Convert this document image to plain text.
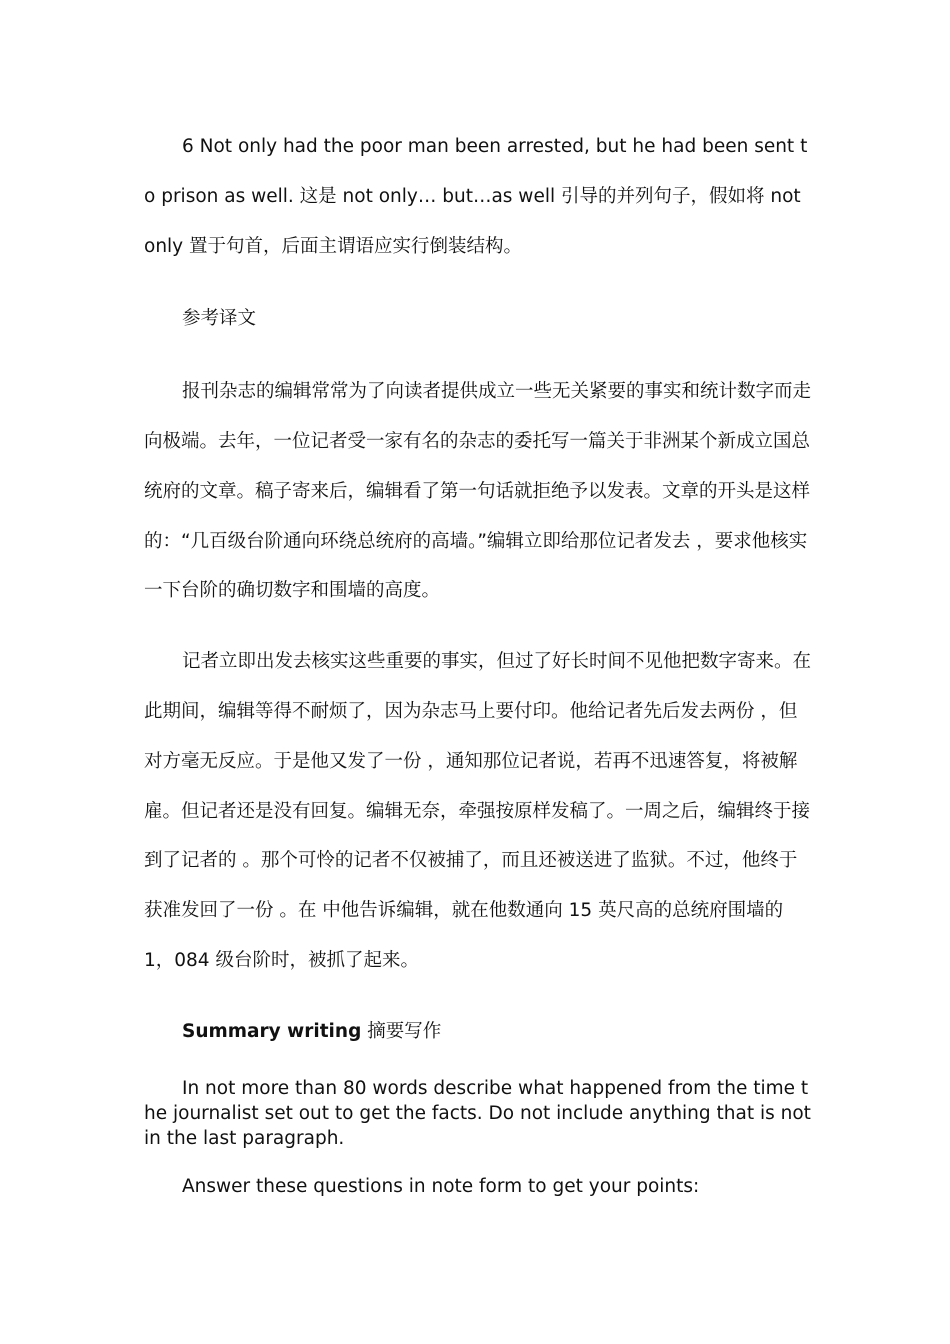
6 Not only had the poor man been arrested, but he had been sent to prison as well. 这是 not only… but…as well 引导的并列句子，假如将 not only 置于句首，后面主谓语应实行倒装结构。

参考译文

报刊杂志的编辑常常为了向读者提供成立一些无关紧要的事实和统计数字而走向极端。去年，一位记者受一家有名的杂志的委托写一篇关于非洲某个新成立国总统府的文章。稿子寄来后，编辑看了第一句话就拒绝予以发表。文章的开头是这样的：“几百级台阶通向环绕总统府的高墙。”编辑立即给那位记者发去 ，要求他核实一下台阶的确切数字和围墙的高度。

记者立即出发去核实这些重要的事实，但过了好长时间不见他把数字寄来。在此期间，编辑等得不耐烦了，因为杂志马上要付印。他给记者先后发去两份 ，但对方毫无反应。于是他又发了一份 ，通知那位记者说，若再不迅速答复，将被解雇。但记者还是没有回复。编辑无奈，牵强按原样发稿了。一周之后，编辑终于接到了记者的 。那个可怜的记者不仅被捕了，而且还被送进了监狱。不过，他终于获准发回了一份 。在 中他告诉编辑，就在他数通向 15 英尺高的总统府围墙的 1，084 级台阶时，被抓了起来。

Summary writing 摘要写作

In not more than 80 words describe what happened from the time the journalist set out to get the facts. Do not include anything that is not in the last paragraph.

Answer these questions in note form to get your points:
